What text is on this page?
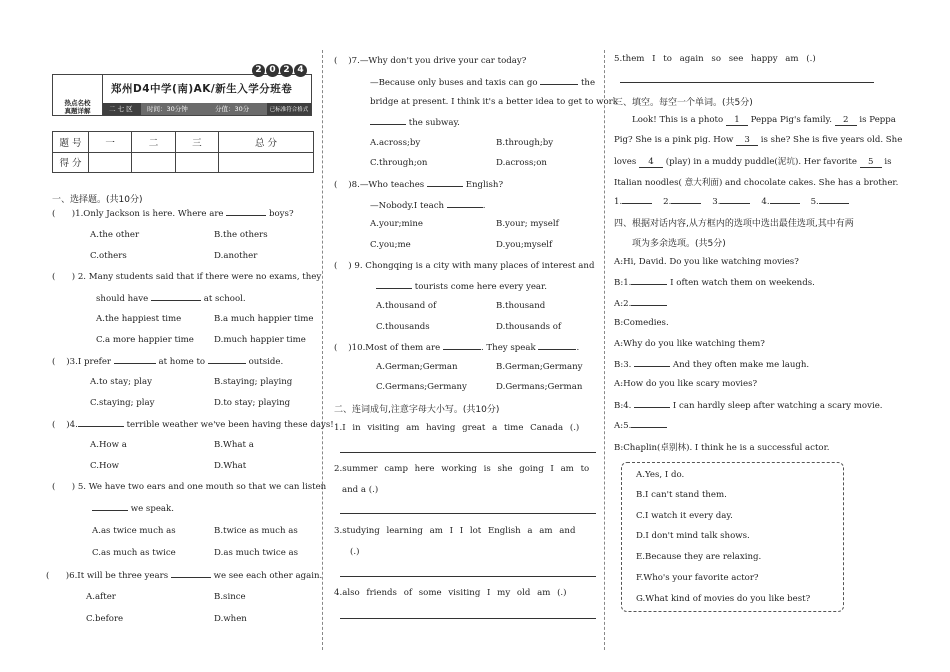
热点名校
真题详解
郑州D4中学(南)AK/新生入学分班卷
二 七 区 时间：30分钟	分值：30分	已标准符合格式
2 0 2 4
题 号	一	二	三	总 分
得 分				
一、选择题。(共10分)
(      )1.Only Jackson is here. Where are	boys?
A.the other	B.the others
C.others	D.another
(      ) 2. Many students said that if there were no exams, they
should have	at school.
A.the happiest time	B.a much happier time
C.a more happier time D.much happier time
(    )3.I prefer	at home to	outside.
A.to stay; play	B.staying; playing
C.staying; play	D.to stay; playing
(    )4.	terrible weather we've been having these days!
A.How a	B.What a
C.How	D.What
(      ) 5. We have two ears and one mouth so that we can listen
we speak.
A.as twice much as	B.twice as much as
C.as much as twice	D.as much twice as
(      )6.It will be three years	we see each other again.
A.after	B.since
C.before	D.when
(    )7.—Why don't you drive your car today?
—Because only buses and taxis can go	the
bridge at present. I think it's a better idea to get to work
the subway.
A.across;by	B.through;by
C.through;on	D.across;on
(    )8.—Who teaches	English?
—Nobody.I teach	.
A.your;mine	B.your; myself
C.you;me	D.you;myself
(    ) 9. Chongqing is a city with many places of interest and
tourists come here every year.
A.thousand of	B.thousand
C.thousands	D.thousands of
(    )10.Most of them are	. They speak	.
A.German;German	B.German;Germany
C.Germans;Germany	D.Germans;German
二、连词成句,注意字母大小写。(共10分)
1.I in visiting am having great a time Canada (.)
2.summer camp here working is she going I am to
and a (.)
3.studying learning am I I lot English a am and
(.)
4.also friends of some visiting I my old am (.)
5.them I to again so see happy am (.)
三、填空。每空一个单词。(共5分)
Look! This is a photo 1 Peppa Pig's family. 2 is Peppa
Pig? She is a pink pig. How 3 is she? She is five years old. She
loves 4 (play) in a muddy puddle(泥坑). Her favorite 5 is
Italian noodles( 意大利面) and chocolate cakes. She has a brother.
1.	2.	3.	4.	5.
四、根据对话内容,从方框内的选项中选出最佳选项,其中有两
项为多余选项。(共5分)
A:Hi, David. Do you like watching movies?
B:1.	I often watch them on weekends.
A:2.
B:Comedies.
A:Why do you like watching them?
B:3.	And they often make me laugh.
A:How do you like scary movies?
B:4.	I can hardly sleep after watching a scary movie.
A:5.
B:Chaplin(卓别林). I think he is a successful actor.
A.Yes, I do.
B.I can't stand them.
C.I watch it every day.
D.I don't mind talk shows.
E.Because they are relaxing.
F.Who's your favorite actor?
G.What kind of movies do you like best?
